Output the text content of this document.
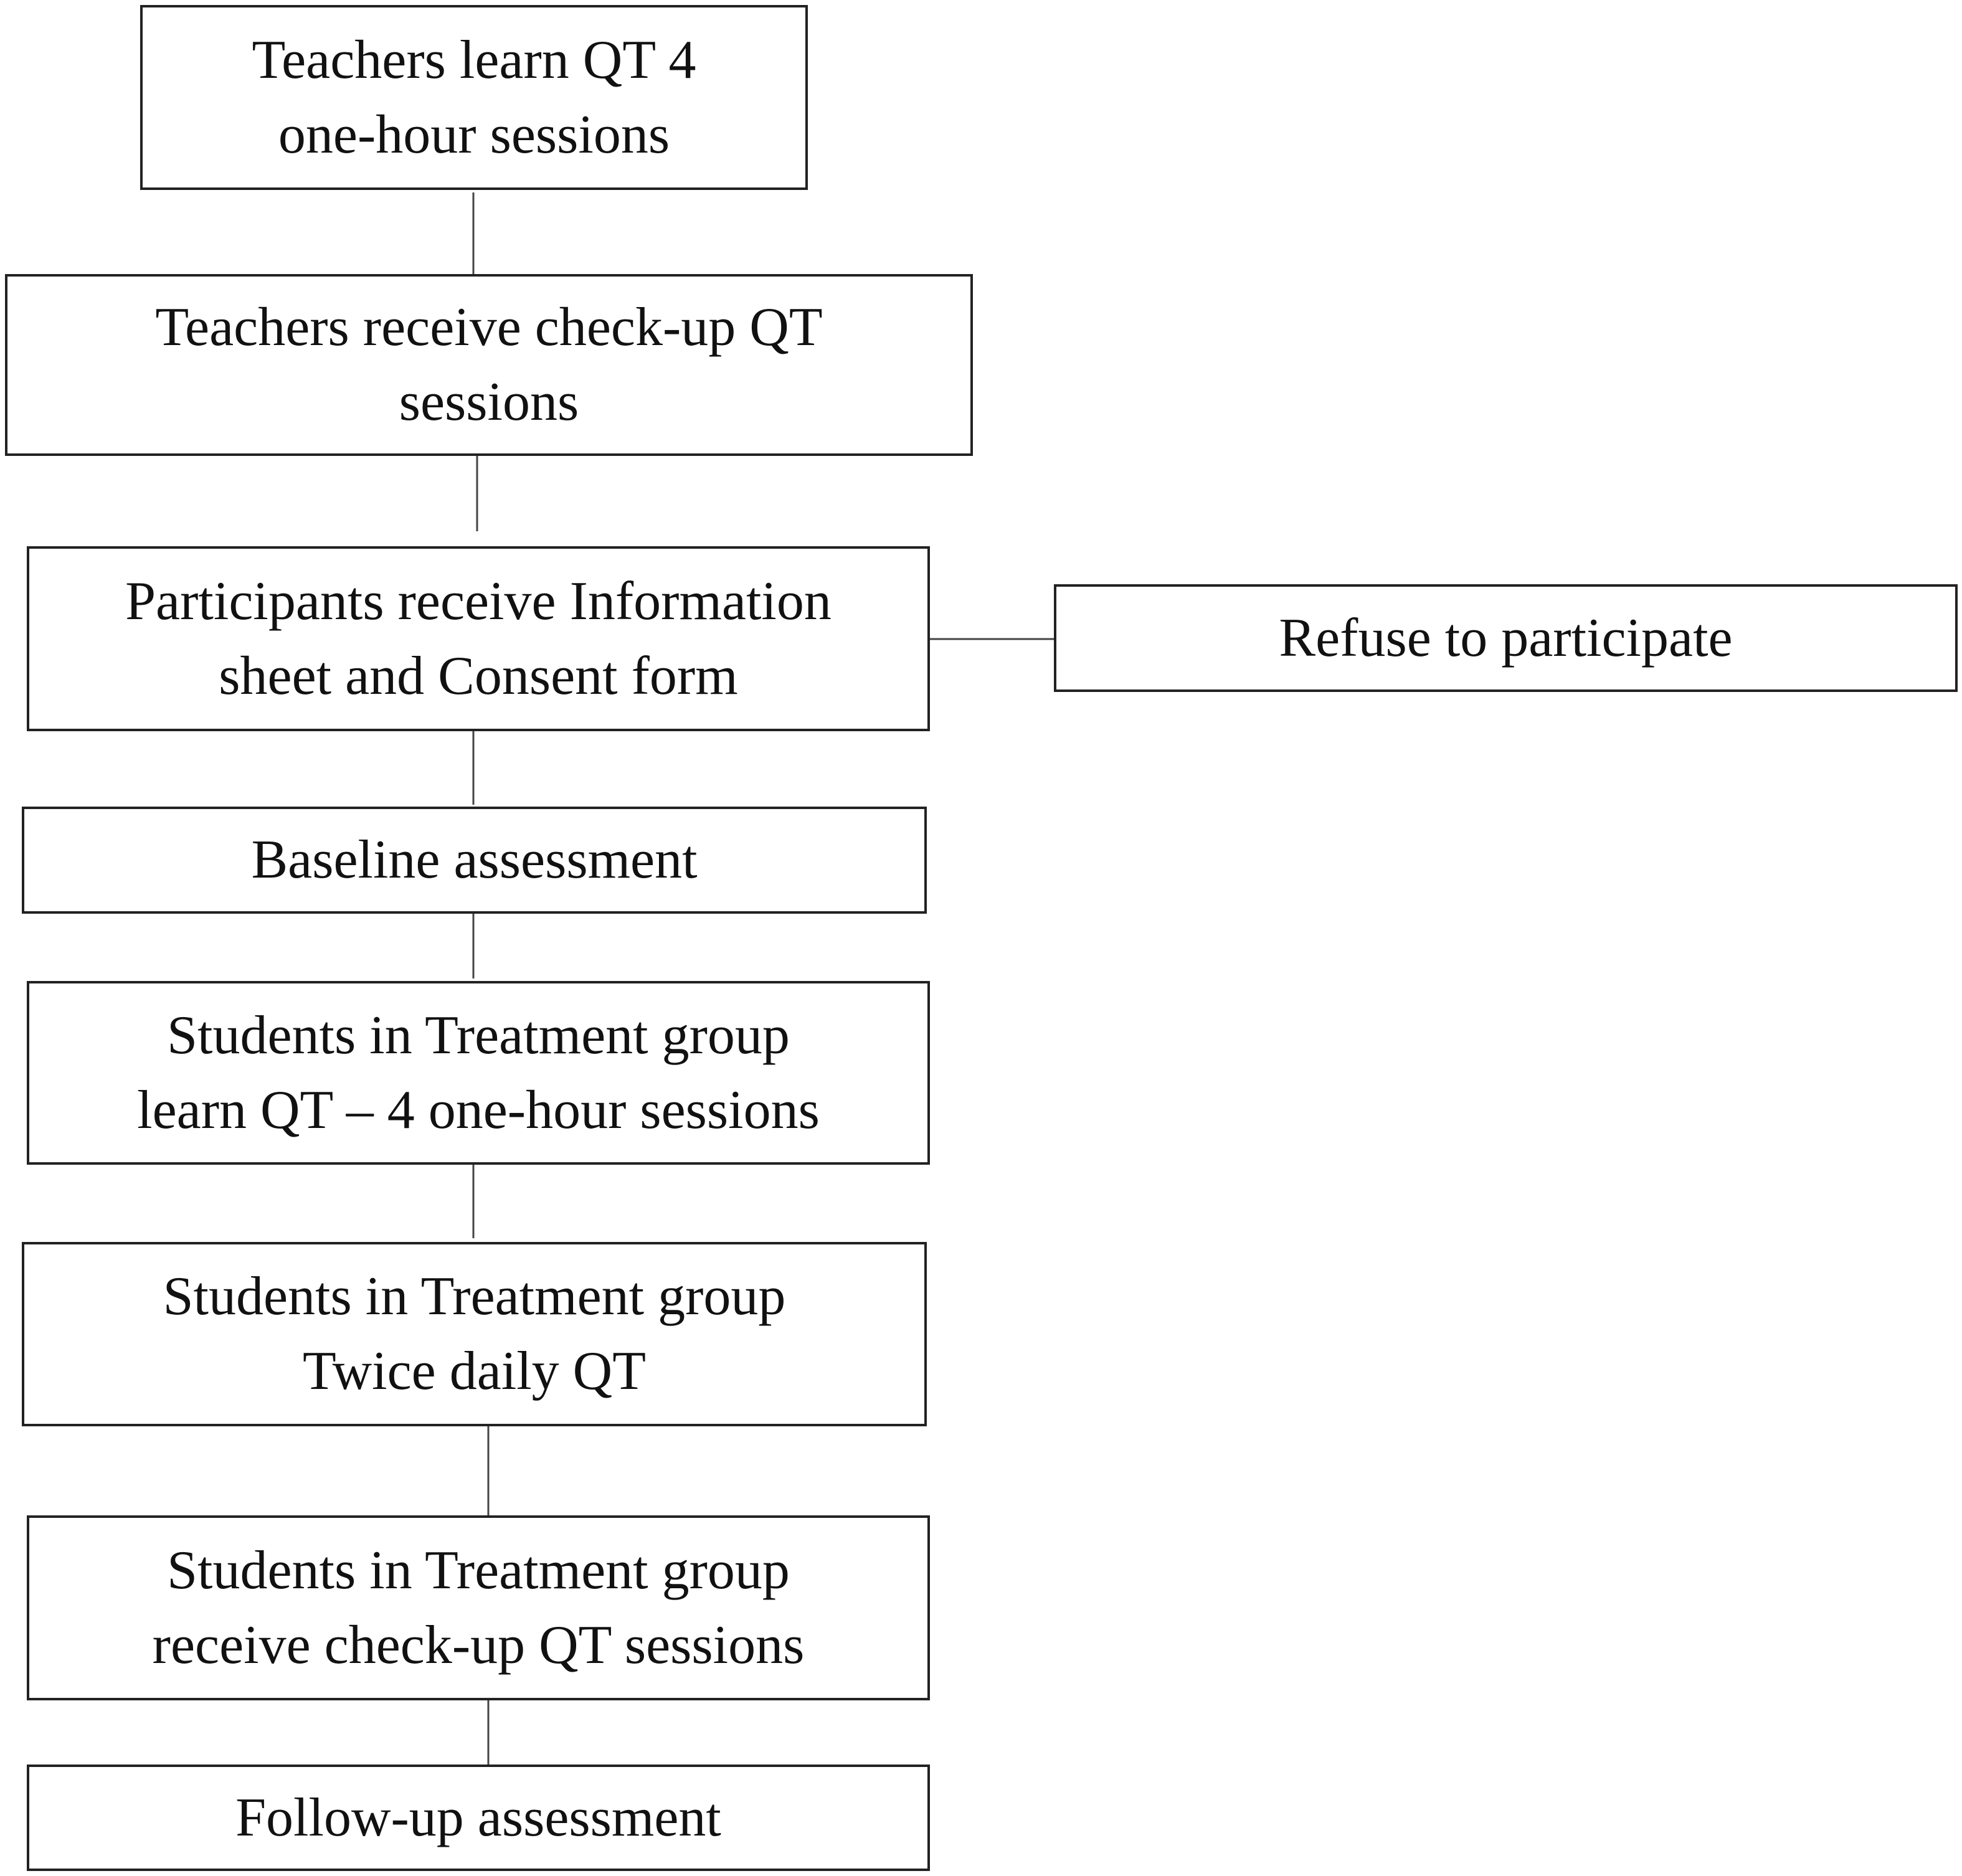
Teachers learn QT 4
one-hour sessions
Teachers receive check-up QT
sessions
Participants receive Information
sheet and Consent form
Refuse to participate
Baseline assessment
Students in Treatment group
learn QT – 4 one-hour sessions
Students in Treatment group
Twice daily QT
Students in Treatment group
receive check-up QT sessions
Follow-up assessment
